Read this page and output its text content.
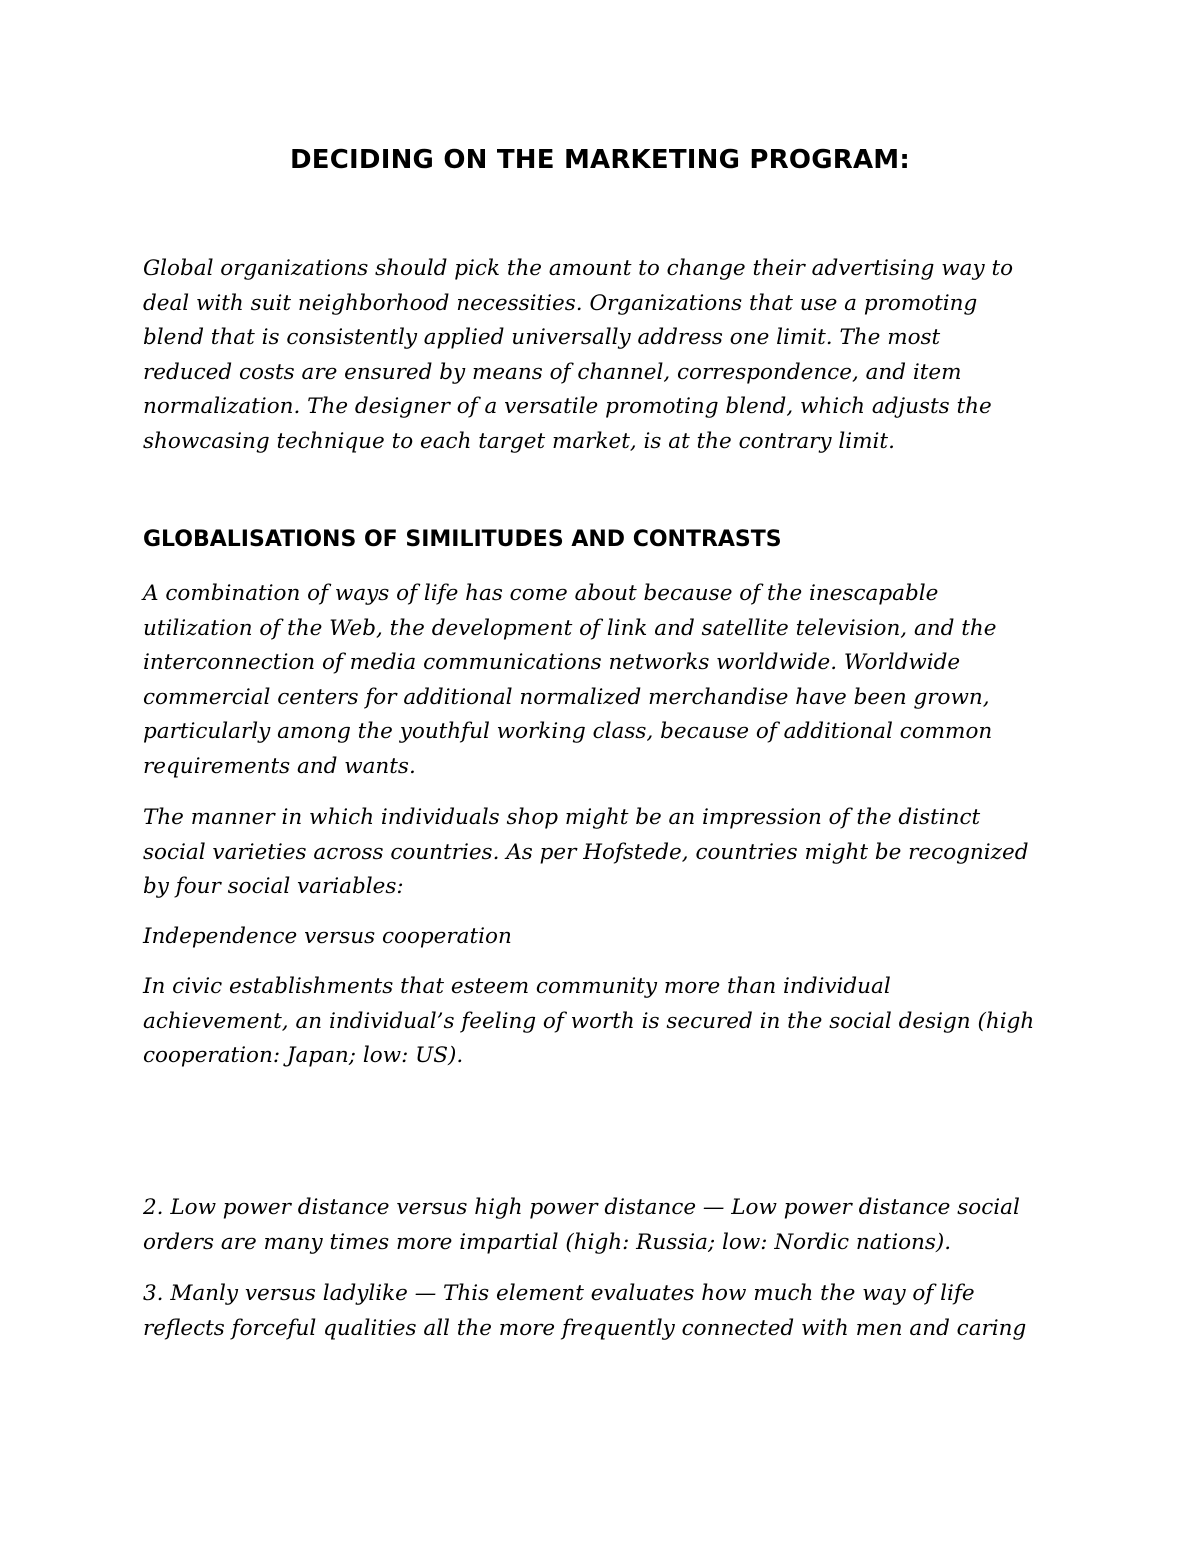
DECIDING ON THE MARKETING PROGRAM:

Global organizations should pick the amount to change their advertising way to
deal with suit neighborhood necessities. Organizations that use a promoting
blend that is consistently applied universally address one limit. The most
reduced costs are ensured by means of channel, correspondence, and item
normalization. The designer of a versatile promoting blend, which adjusts the
showcasing technique to each target market, is at the contrary limit.

GLOBALISATIONS OF SIMILITUDES AND CONTRASTS

A combination of ways of life has come about because of the inescapable
utilization of the Web, the development of link and satellite television, and the
interconnection of media communications networks worldwide. Worldwide
commercial centers for additional normalized merchandise have been grown,
particularly among the youthful working class, because of additional common
requirements and wants.

The manner in which individuals shop might be an impression of the distinct
social varieties across countries. As per Hofstede, countries might be recognized
by four social variables:

Independence versus cooperation

In civic establishments that esteem community more than individual
achievement, an individual’s feeling of worth is secured in the social design (high
cooperation: Japan; low: US).

2. Low power distance versus high power distance — Low power distance social
orders are many times more impartial (high: Russia; low: Nordic nations).

3. Manly versus ladylike — This element evaluates how much the way of life
reflects forceful qualities all the more frequently connected with men and caring
